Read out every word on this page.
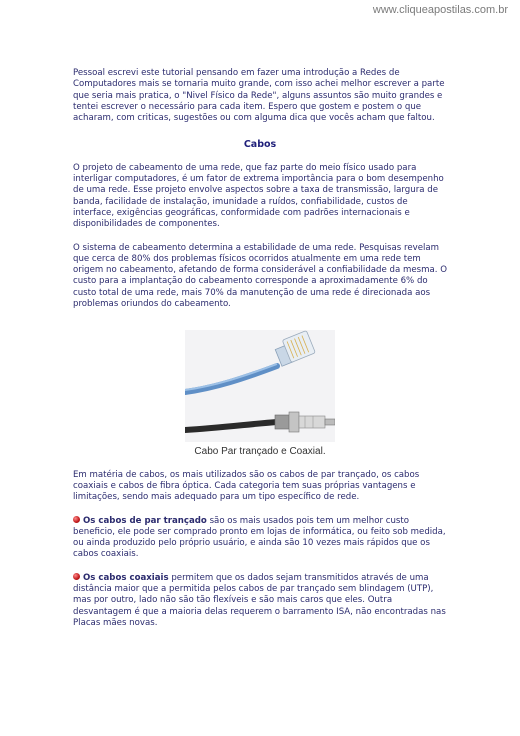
www.cliqueapostilas.com.br

Pessoal escrevi este tutorial pensando em fazer uma introdução a Redes de Computadores mais se tornaria muito grande, com isso achei melhor escrever a parte que seria mais pratica, o "Nivel Físico da Rede", alguns assuntos são muito grandes e tentei escrever o necessário para cada item. Espero que gostem e postem o que acharam, com criticas, sugestões ou com alguma dica que vocês acham que faltou.

Cabos

O projeto de cabeamento de uma rede, que faz parte do meio físico usado para interligar computadores, é um fator de extrema importância para o bom desempenho de uma rede. Esse projeto envolve aspectos sobre a taxa de transmissão, largura de banda, facilidade de instalação, imunidade a ruídos, confiabilidade, custos de interface, exigências geográficas, conformidade com padrões internacionais e disponibilidades de componentes.

O sistema de cabeamento determina a estabilidade de uma rede. Pesquisas revelam que cerca de 80% dos problemas físicos ocorridos atualmente em uma rede tem origem no cabeamento, afetando de forma considerável a confiabilidade da mesma. O custo para a implantação do cabeamento corresponde a aproximadamente 6% do custo total de uma rede, mais 70% da manutenção de uma rede é direcionada aos problemas oriundos do cabeamento.

Cabo Par trançado e Coaxial.

Em matéria de cabos, os mais utilizados são os cabos de par trançado, os cabos coaxiais e cabos de fibra óptica. Cada categoria tem suas próprias vantagens e limitações, sendo mais adequado para um tipo específico de rede.

Os cabos de par trançado são os mais usados pois tem um melhor custo beneficio, ele pode ser comprado pronto em lojas de informática, ou feito sob medida, ou ainda produzido pelo próprio usuário, e ainda são 10 vezes mais rápidos que os cabos coaxiais.

Os cabos coaxiais permitem que os dados sejam transmitidos através de uma distância maior que a permitida pelos cabos de par trançado sem blindagem (UTP), mas por outro, lado não são tão flexíveis e são mais caros que eles. Outra desvantagem é que a maioria delas requerem o barramento ISA, não encontradas nas Placas mães novas.
